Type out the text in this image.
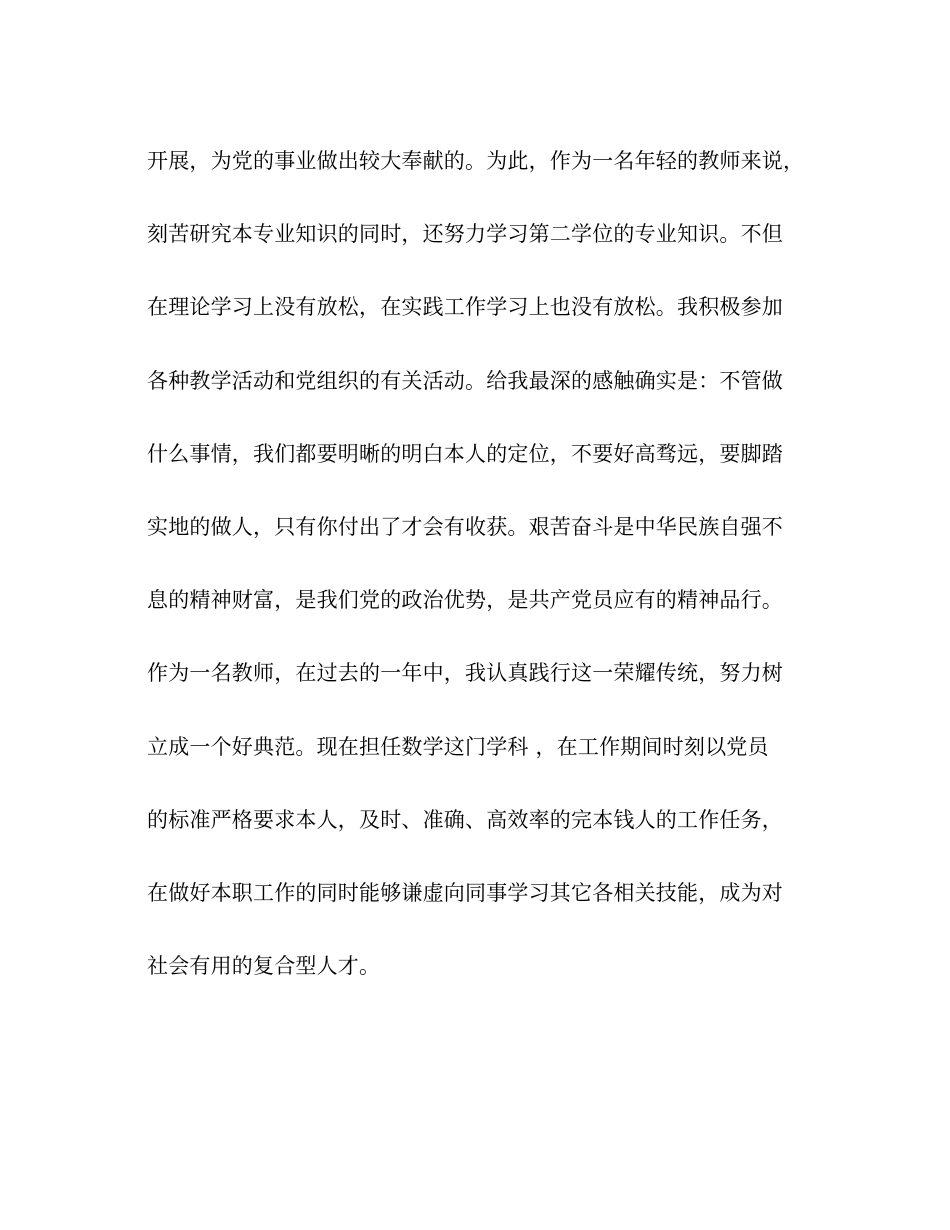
开展，为党的事业做出较大奉献的。为此，作为一名年轻的教师来说，
刻苦研究本专业知识的同时，还努力学习第二学位的专业知识。不但
在理论学习上没有放松，在实践工作学习上也没有放松。我积极参加
各种教学活动和党组织的有关活动。给我最深的感触确实是：不管做
什么事情，我们都要明晰的明白本人的定位，不要好高骛远，要脚踏
实地的做人，只有你付出了才会有收获。艰苦奋斗是中华民族自强不
息的精神财富，是我们党的政治优势，是共产党员应有的精神品行。
作为一名教师，在过去的一年中，我认真践行这一荣耀传统，努力树
立成一个好典范。现在担任数学这门学科 ，在工作期间时刻以党员
的标准严格要求本人，及时、准确、高效率的完本钱人的工作任务，
在做好本职工作的同时能够谦虚向同事学习其它各相关技能，成为对
社会有用的复合型人才。
